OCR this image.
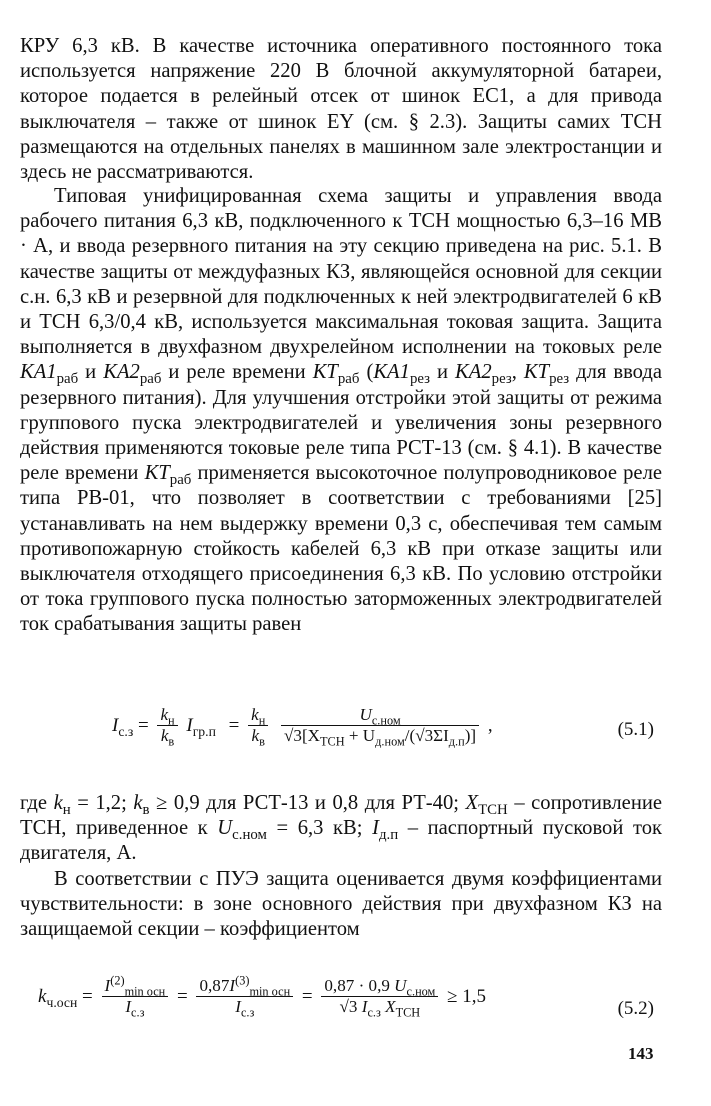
КРУ 6,3 кВ. В качестве источника оперативного постоянного тока используется напряжение 220 В блочной аккумуляторной батареи, которое подается в релейный отсек от шинок ЕС1, а для привода выключателя – также от шинок ЕY (см. § 2.3). Защиты самих ТСН размещаются на отдельных панелях в машинном зале электростанции и здесь не рассматриваются.

Типовая унифицированная схема защиты и управления ввода рабочего питания 6,3 кВ, подключенного к ТСН мощностью 6,3–16 МВ · А, и ввода резервного питания на эту секцию приведена на рис. 5.1. В качестве защиты от междуфазных КЗ, являющейся основной для секции с.н. 6,3 кВ и резервной для подключенных к ней электродвигателей 6 кВ и ТСН 6,3/0,4 кВ, используется максимальная токовая защита. Защита выполняется в двухфазном двухрелейном исполнении на токовых реле $KA1_{раб}$ и $KA2_{раб}$ и реле времени $KT_{раб}$ ($KA1_{рез}$ и $KA2_{рез}$, $KT_{рез}$ для ввода резервного питания). Для улучшения отстройки этой защиты от режима группового пуска электродвигателей и увеличения зоны резервного действия применяются токовые реле типа РСТ-13 (см. § 4.1). В качестве реле времени $KT_{раб}$ применяется высокоточное полупроводниковое реле типа РВ-01, что позволяет в соответствии с требованиями [25] устанавливать на нем выдержку времени 0,3 с, обеспечивая тем самым противопожарную стойкость кабелей 6,3 кВ при отказе защиты или выключателя отходящего присоединения 6,3 кВ. По условию отстройки от тока группового пуска полностью заторможенных электродвигателей ток срабатывания защиты равен

$I_{с.з} = \frac{k_н}{k_в} I_{гр.п} = \frac{k_н}{k_в}$
$\frac{U_{с.ном}}{√3[X_{ТСН} + U_{д.ном}/(√3\Sigma I_{д.п})]}$ ,	(5.1)

где $k_н = 1,2$; $k_в \ge 0,9$ для РСТ-13 и 0,8 для РТ-40; $X_{ТСН}$ – сопротивление ТСН, приведенное к $U_{с.ном} = 6,3$ кВ; $I_{д.п}$ – паспортный пусковой ток двигателя, А.

В соответствии с ПУЭ защита оценивается двумя коэффициентами чувствительности: в зоне основного действия при двухфазном КЗ на защищаемой секции – коэффициентом

$k_{ч.осн} = \frac{I^{(2)}_{min осн}}{I_{с.з}} = \frac{0,87I^{(3)}_{min осн}}{I_{с.з}} = \frac{0,87 \cdot 0,9 U_{с.ном}}{√3 I_{с.з} X_{ТСН}} \ge 1,5$
(5.2)
143
